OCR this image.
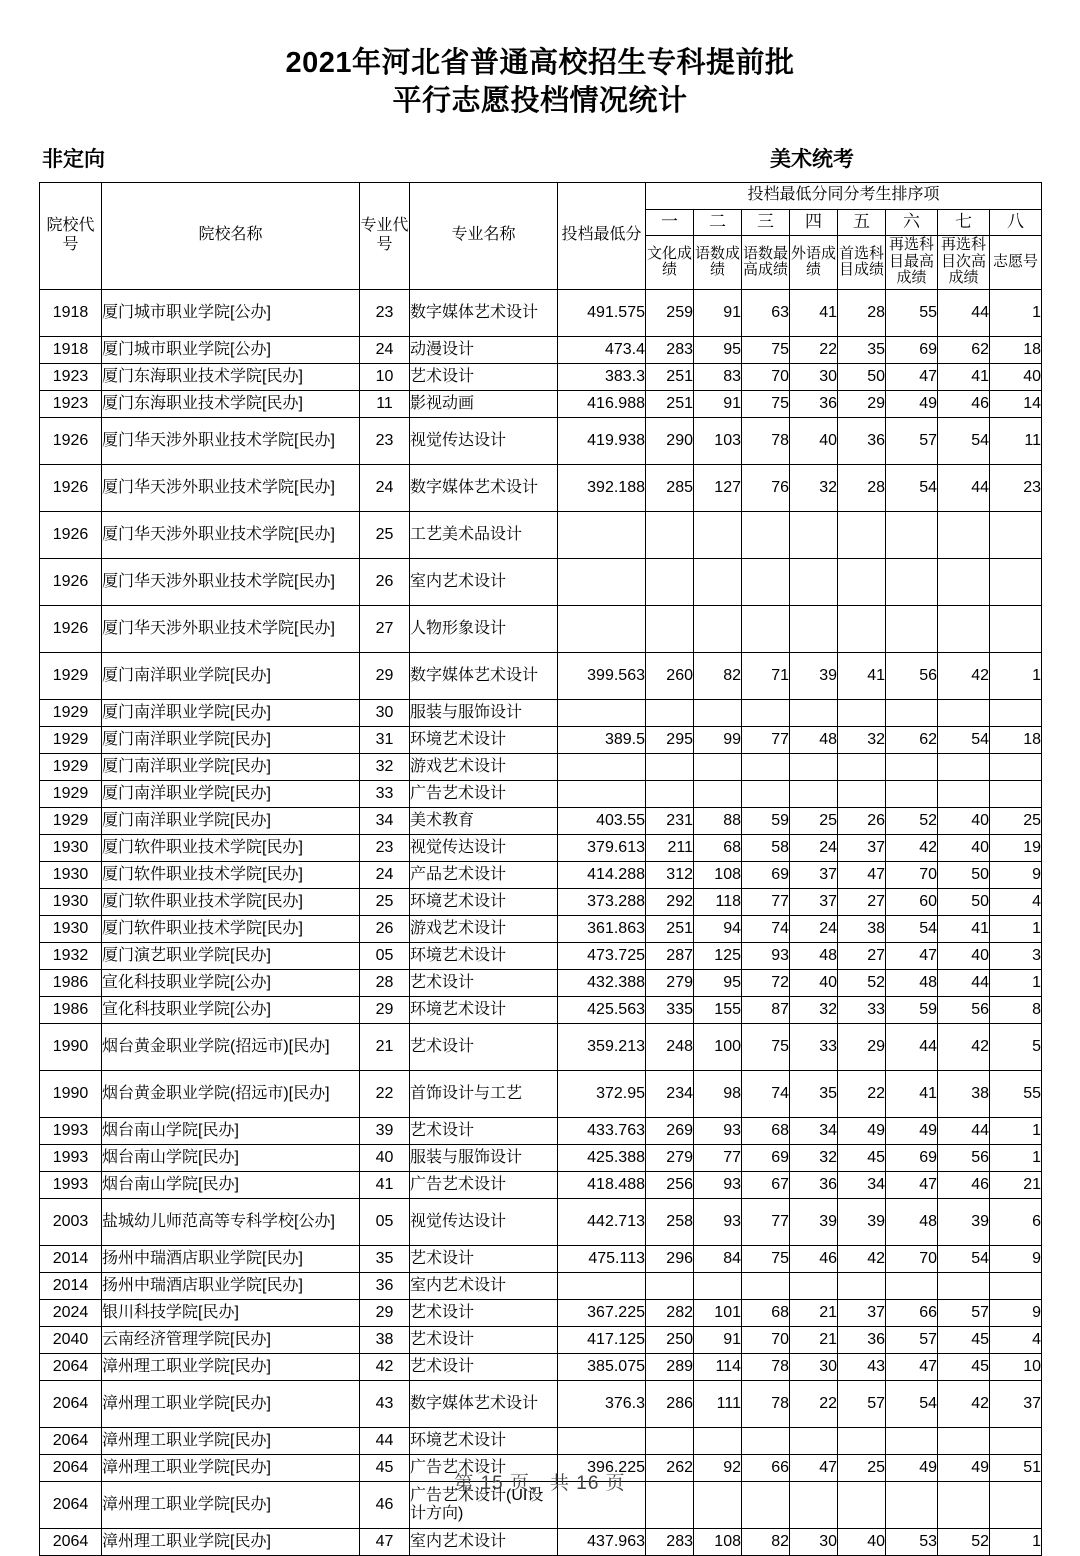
2021年河北省普通高校招生专科提前批
平行志愿投档情况统计
非定向	美术统考
院校代号	院校名称	专业代号	专业名称	投档最低分	投档最低分同分考生排序项							
					一	二	三	四	五	六	七	八
					文化成绩	语数成绩	语数最高成绩	外语成绩	首选科目成绩	再选科目最高成绩	再选科目次高成绩	志愿号
1918	厦门城市职业学院[公办]	23	数字媒体艺术设计	491.575	259	91	63	41	28	55	44	1
1918	厦门城市职业学院[公办]	24	动漫设计	473.4	283	95	75	22	35	69	62	18
1923	厦门东海职业技术学院[民办]	10	艺术设计	383.3	251	83	70	30	50	47	41	40
1923	厦门东海职业技术学院[民办]	11	影视动画	416.988	251	91	75	36	29	49	46	14
1926	厦门华天涉外职业技术学院[民办]	23	视觉传达设计	419.938	290	103	78	40	36	57	54	11
1926	厦门华天涉外职业技术学院[民办]	24	数字媒体艺术设计	392.188	285	127	76	32	28	54	44	23
1926	厦门华天涉外职业技术学院[民办]	25	工艺美术品设计									
1926	厦门华天涉外职业技术学院[民办]	26	室内艺术设计									
1926	厦门华天涉外职业技术学院[民办]	27	人物形象设计									
1929	厦门南洋职业学院[民办]	29	数字媒体艺术设计	399.563	260	82	71	39	41	56	42	1
1929	厦门南洋职业学院[民办]	30	服装与服饰设计									
1929	厦门南洋职业学院[民办]	31	环境艺术设计	389.5	295	99	77	48	32	62	54	18
1929	厦门南洋职业学院[民办]	32	游戏艺术设计									
1929	厦门南洋职业学院[民办]	33	广告艺术设计									
1929	厦门南洋职业学院[民办]	34	美术教育	403.55	231	88	59	25	26	52	40	25
1930	厦门软件职业技术学院[民办]	23	视觉传达设计	379.613	211	68	58	24	37	42	40	19
1930	厦门软件职业技术学院[民办]	24	产品艺术设计	414.288	312	108	69	37	47	70	50	9
1930	厦门软件职业技术学院[民办]	25	环境艺术设计	373.288	292	118	77	37	27	60	50	4
1930	厦门软件职业技术学院[民办]	26	游戏艺术设计	361.863	251	94	74	24	38	54	41	1
1932	厦门演艺职业学院[民办]	05	环境艺术设计	473.725	287	125	93	48	27	47	40	3
1986	宣化科技职业学院[公办]	28	艺术设计	432.388	279	95	72	40	52	48	44	1
1986	宣化科技职业学院[公办]	29	环境艺术设计	425.563	335	155	87	32	33	59	56	8
1990	烟台黄金职业学院(招远市)[民办]	21	艺术设计	359.213	248	100	75	33	29	44	42	5
1990	烟台黄金职业学院(招远市)[民办]	22	首饰设计与工艺	372.95	234	98	74	35	22	41	38	55
1993	烟台南山学院[民办]	39	艺术设计	433.763	269	93	68	34	49	49	44	1
1993	烟台南山学院[民办]	40	服装与服饰设计	425.388	279	77	69	32	45	69	56	1
1993	烟台南山学院[民办]	41	广告艺术设计	418.488	256	93	67	36	34	47	46	21
2003	盐城幼儿师范高等专科学校[公办]	05	视觉传达设计	442.713	258	93	77	39	39	48	39	6
2014	扬州中瑞酒店职业学院[民办]	35	艺术设计	475.113	296	84	75	46	42	70	54	9
2014	扬州中瑞酒店职业学院[民办]	36	室内艺术设计									
2024	银川科技学院[民办]	29	艺术设计	367.225	282	101	68	21	37	66	57	9
2040	云南经济管理学院[民办]	38	艺术设计	417.125	250	91	70	21	36	57	45	4
2064	漳州理工职业学院[民办]	42	艺术设计	385.075	289	114	78	30	43	47	45	10
2064	漳州理工职业学院[民办]	43	数字媒体艺术设计	376.3	286	111	78	22	57	54	42	37
2064	漳州理工职业学院[民办]	44	环境艺术设计									
2064	漳州理工职业学院[民办]	45	广告艺术设计	396.225	262	92	66	47	25	49	49	51
2064	漳州理工职业学院[民办]	46	广告艺术设计(UI设计方向)									
2064	漳州理工职业学院[民办]	47	室内艺术设计	437.963	283	108	82	30	40	53	52	1
第 15 页，共 16 页
